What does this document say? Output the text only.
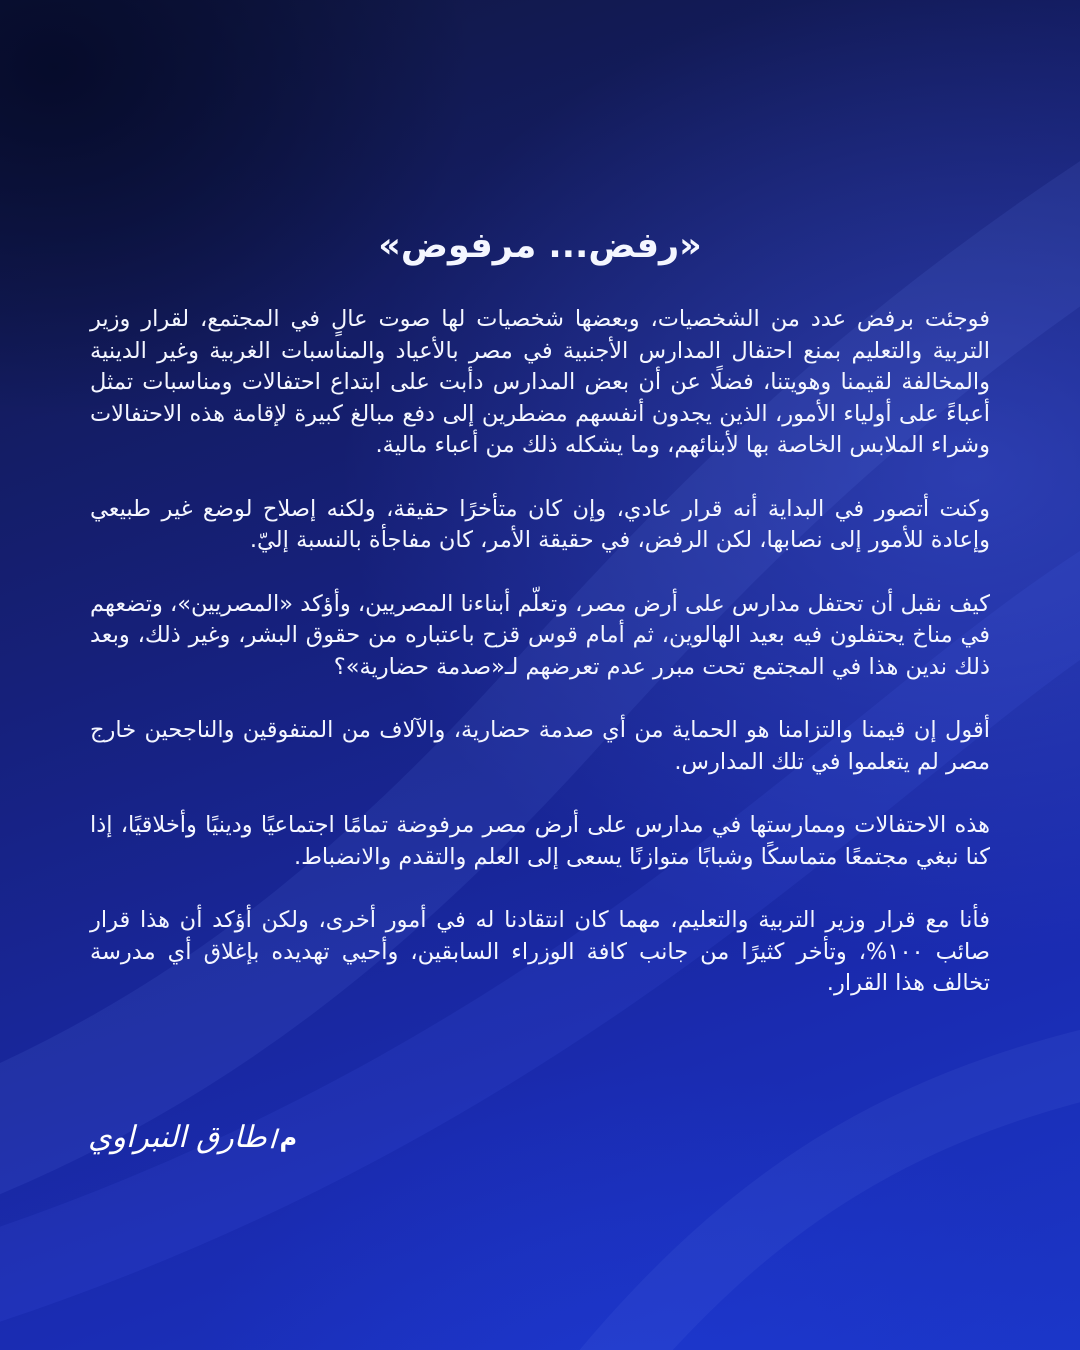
«رفض... مرفوض»

فوجئت برفض عدد من الشخصيات، وبعضها شخصيات لها صوت عالٍ في المجتمع، لقرار وزير التربية والتعليم بمنع احتفال المدارس الأجنبية في مصر بالأعياد والمناسبات الغربية وغير الدينية والمخالفة لقيمنا وهويتنا، فضلًا عن أن بعض المدارس دأبت على ابتداع احتفالات ومناسبات تمثل أعباءً على أولياء الأمور، الذين يجدون أنفسهم مضطرين إلى دفع مبالغ كبيرة لإقامة هذه الاحتفالات وشراء الملابس الخاصة بها لأبنائهم، وما يشكله ذلك من أعباء مالية.

وكنت أتصور في البداية أنه قرار عادي، وإن كان متأخرًا حقيقة، ولكنه إصلاح لوضع غير طبيعي وإعادة للأمور إلى نصابها، لكن الرفض، في حقيقة الأمر، كان مفاجأة بالنسبة إليّ.

كيف نقبل أن تحتفل مدارس على أرض مصر، وتعلّم أبناءنا المصريين، وأؤكد «المصريين»، وتضعهم في مناخ يحتفلون فيه بعيد الهالوين، ثم أمام قوس قزح باعتباره من حقوق البشر، وغير ذلك، وبعد ذلك ندين هذا في المجتمع تحت مبرر عدم تعرضهم لـ«صدمة حضارية»؟

أقول إن قيمنا والتزامنا هو الحماية من أي صدمة حضارية، والآلاف من المتفوقين والناجحين خارج مصر لم يتعلموا في تلك المدارس.

هذه الاحتفالات وممارستها في مدارس على أرض مصر مرفوضة تمامًا اجتماعيًا ودينيًا وأخلاقيًا، إذا كنا نبغي مجتمعًا متماسكًا وشبابًا متوازنًا يسعى إلى العلم والتقدم والانضباط.

فأنا مع قرار وزير التربية والتعليم، مهما كان انتقادنا له في أمور أخرى، ولكن أؤكد أن هذا قرار صائب ١٠٠%، وتأخر كثيرًا من جانب كافة الوزراء السابقين، وأحيي تهديده بإغلاق أي مدرسة تخالف هذا القرار.

م/
طارق النبراوي
